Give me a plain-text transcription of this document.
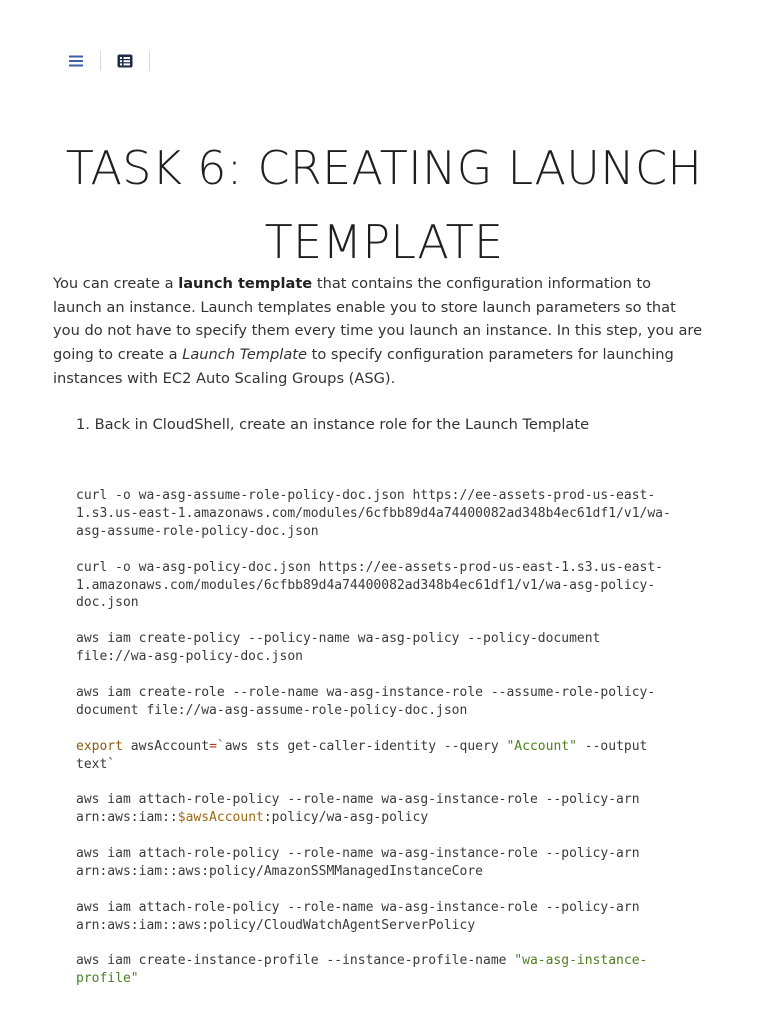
TASK 6: CREATING LAUNCH TEMPLATE

You can create a launch template that contains the configuration information to launch an instance. Launch templates enable you to store launch parameters so that you do not have to specify them every time you launch an instance. In this step, you are going to create a Launch Template to specify configuration parameters for launching instances with EC2 Auto Scaling Groups (ASG).

1. Back in CloudShell, create an instance role for the Launch Template
curl -o wa-asg-assume-role-policy-doc.json https://ee-assets-prod-us-east-
1.s3.us-east-1.amazonaws.com/modules/6cfbb89d4a74400082ad348b4ec61df1/v1/wa-
asg-assume-role-policy-doc.json
curl -o wa-asg-policy-doc.json https://ee-assets-prod-us-east-1.s3.us-east-
1.amazonaws.com/modules/6cfbb89d4a74400082ad348b4ec61df1/v1/wa-asg-policy-
doc.json
aws iam create-policy --policy-name wa-asg-policy --policy-document
file://wa-asg-policy-doc.json
aws iam create-role --role-name wa-asg-instance-role --assume-role-policy-
document file://wa-asg-assume-role-policy-doc.json
export awsAccount=`aws sts get-caller-identity --query "Account" --output
text`
aws iam attach-role-policy --role-name wa-asg-instance-role --policy-arn
arn:aws:iam::$awsAccount:policy/wa-asg-policy
aws iam attach-role-policy --role-name wa-asg-instance-role --policy-arn
arn:aws:iam::aws:policy/AmazonSSMManagedInstanceCore
aws iam attach-role-policy --role-name wa-asg-instance-role --policy-arn
arn:aws:iam::aws:policy/CloudWatchAgentServerPolicy
aws iam create-instance-profile --instance-profile-name "wa-asg-instance-
profile"
